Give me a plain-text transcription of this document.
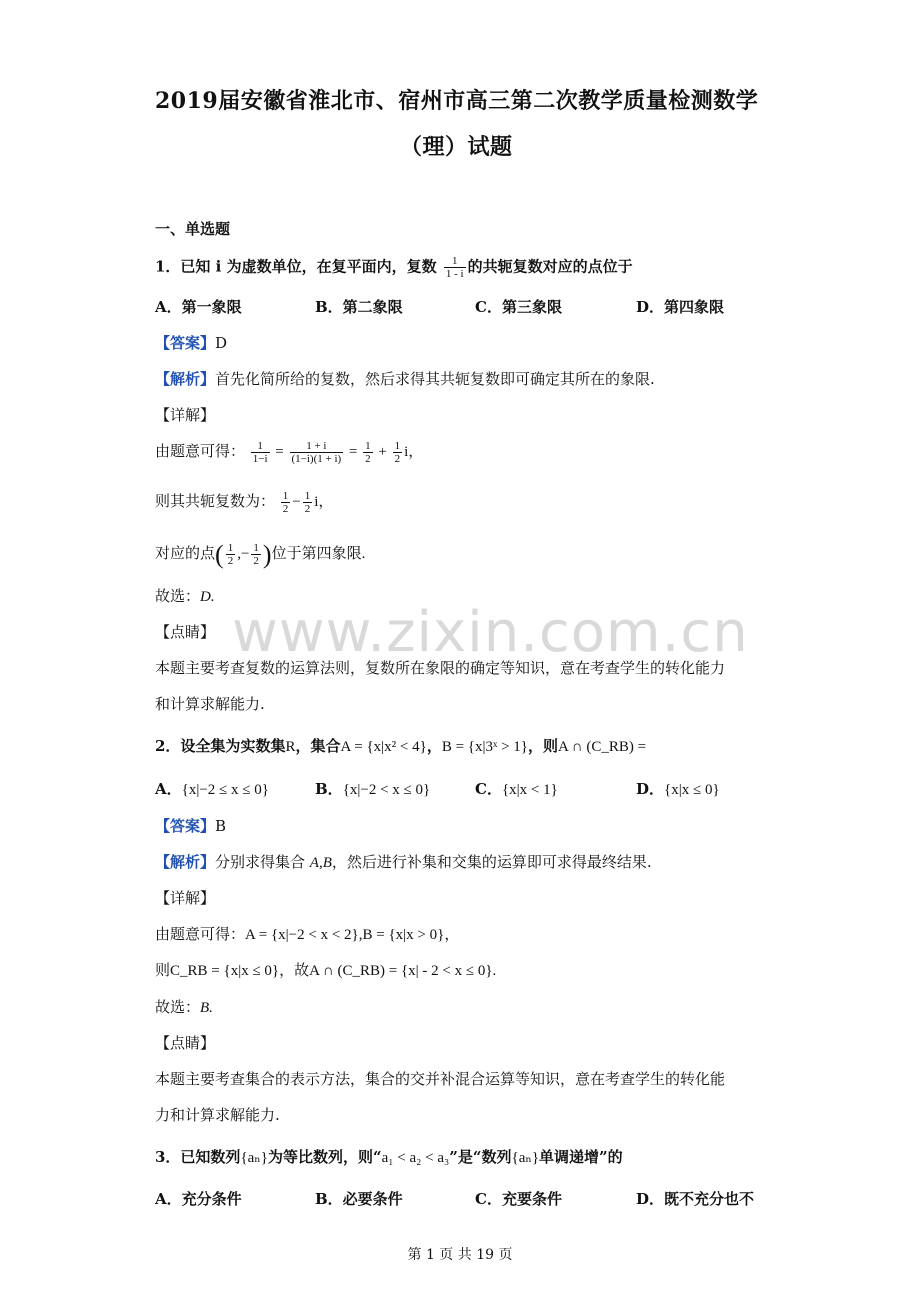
2019届安徽省淮北市、宿州市高三第二次教学质量检测数学
（理）试题
一、单选题
1．已知 i 为虚数单位，在复平面内，复数 $\frac{1}{1 - i}$ 的共轭复数对应的点位于
A．第一象限	B．第二象限	C．第三象限	D．第四象限
【答案】D
【解析】首先化简所给的复数，然后求得其共轭复数即可确定其所在的象限.
【详解】
由题意可得： $\frac{1}{1-i} = \frac{1 + i}{(1-i)(1 + i)} = \frac{1}{2} + \frac{1}{2}$ i，
则其共轭复数为： $\frac{1}{2} - \frac{1}{2}$ i，
对应的点( $\frac{1}{2}$ ,− $\frac{1}{2}$ )位于第四象限.
故选：D.
【点睛】
本题主要考查复数的运算法则，复数所在象限的确定等知识，意在考查学生的转化能力
和计算求解能力.
www.zixin.com.cn
2．设全集为实数集R，集合A = {x|x² < 4}，B = {x|3ˣ > 1}，则A ∩ (C_RB) =
A．{x|−2 ≤ x ≤ 0}	B．{x|−2 < x ≤ 0}	C．{x|x < 1}	D．{x|x ≤ 0}
【答案】B
【解析】分别求得集合 A,B，然后进行补集和交集的运算即可求得最终结果.
【详解】
由题意可得：A = {x|−2 < x < 2},B = {x|x > 0}，
则C_RB = {x|x ≤ 0}，故A ∩ (C_RB) = {x| - 2 < x ≤ 0}.
故选：B.
【点睛】
本题主要考查集合的表示方法，集合的交并补混合运算等知识，意在考查学生的转化能
力和计算求解能力.
3．已知数列{aₙ}为等比数列，则“a₁ < a₂ < a₃”是“数列{aₙ}单调递增”的
A．充分条件	B．必要条件	C．充要条件	D．既不充分也不
第 1 页 共 19 页
